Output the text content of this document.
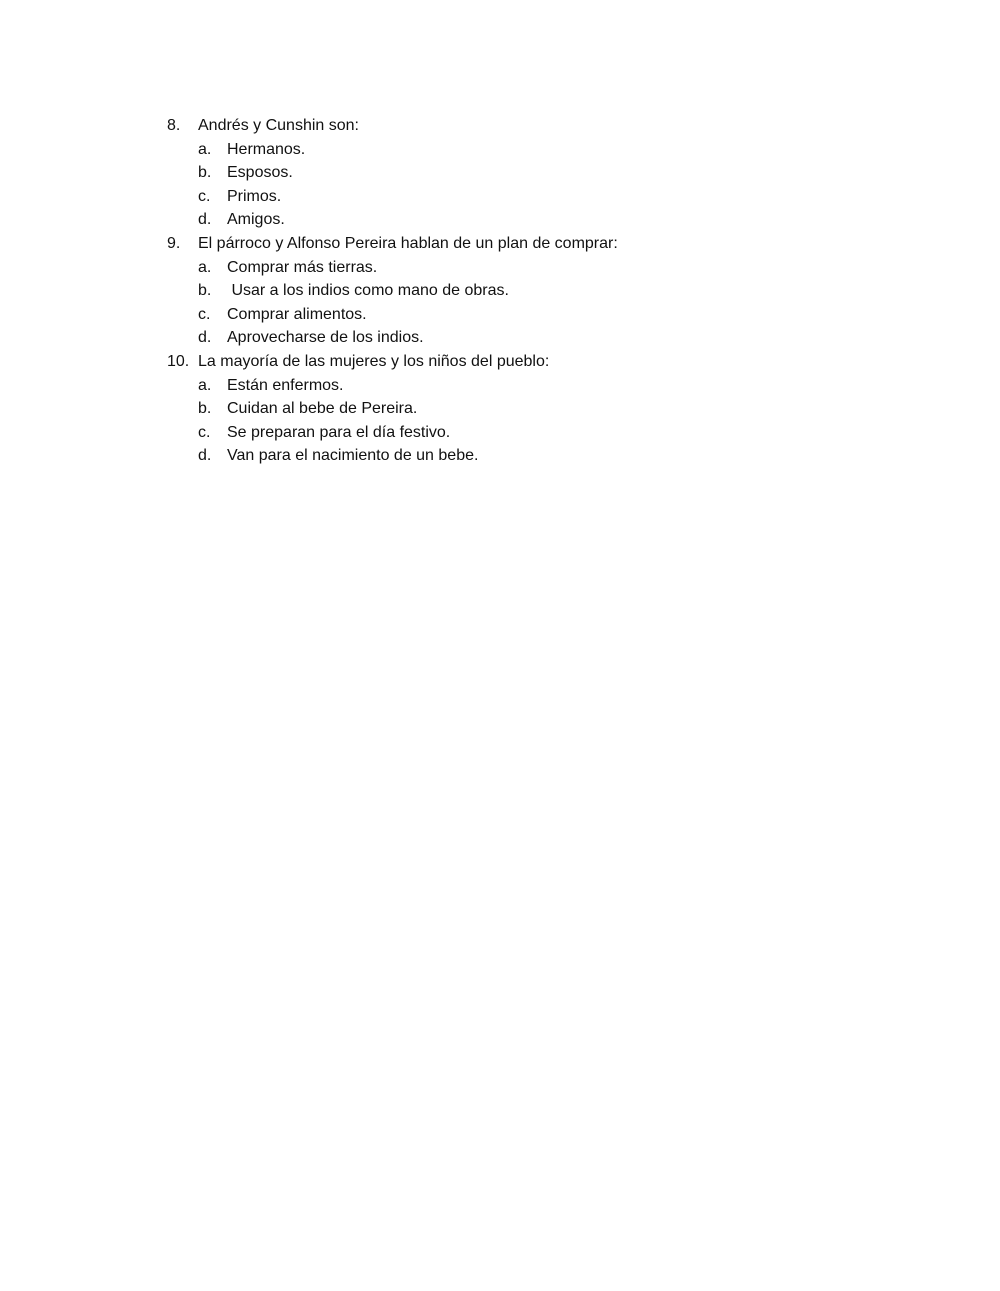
8. Andrés y Cunshin son:
a. Hermanos.
b. Esposos.
c. Primos.
d. Amigos.
9. El párroco y Alfonso Pereira hablan de un plan de comprar:
a. Comprar más tierras.
b. Usar a los indios como mano de obras.
c. Comprar alimentos.
d. Aprovecharse de los indios.
10. La mayoría de las mujeres y los niños del pueblo:
a. Están enfermos.
b. Cuidan al bebe de Pereira.
c. Se preparan para el día festivo.
d. Van para el nacimiento de un bebe.
